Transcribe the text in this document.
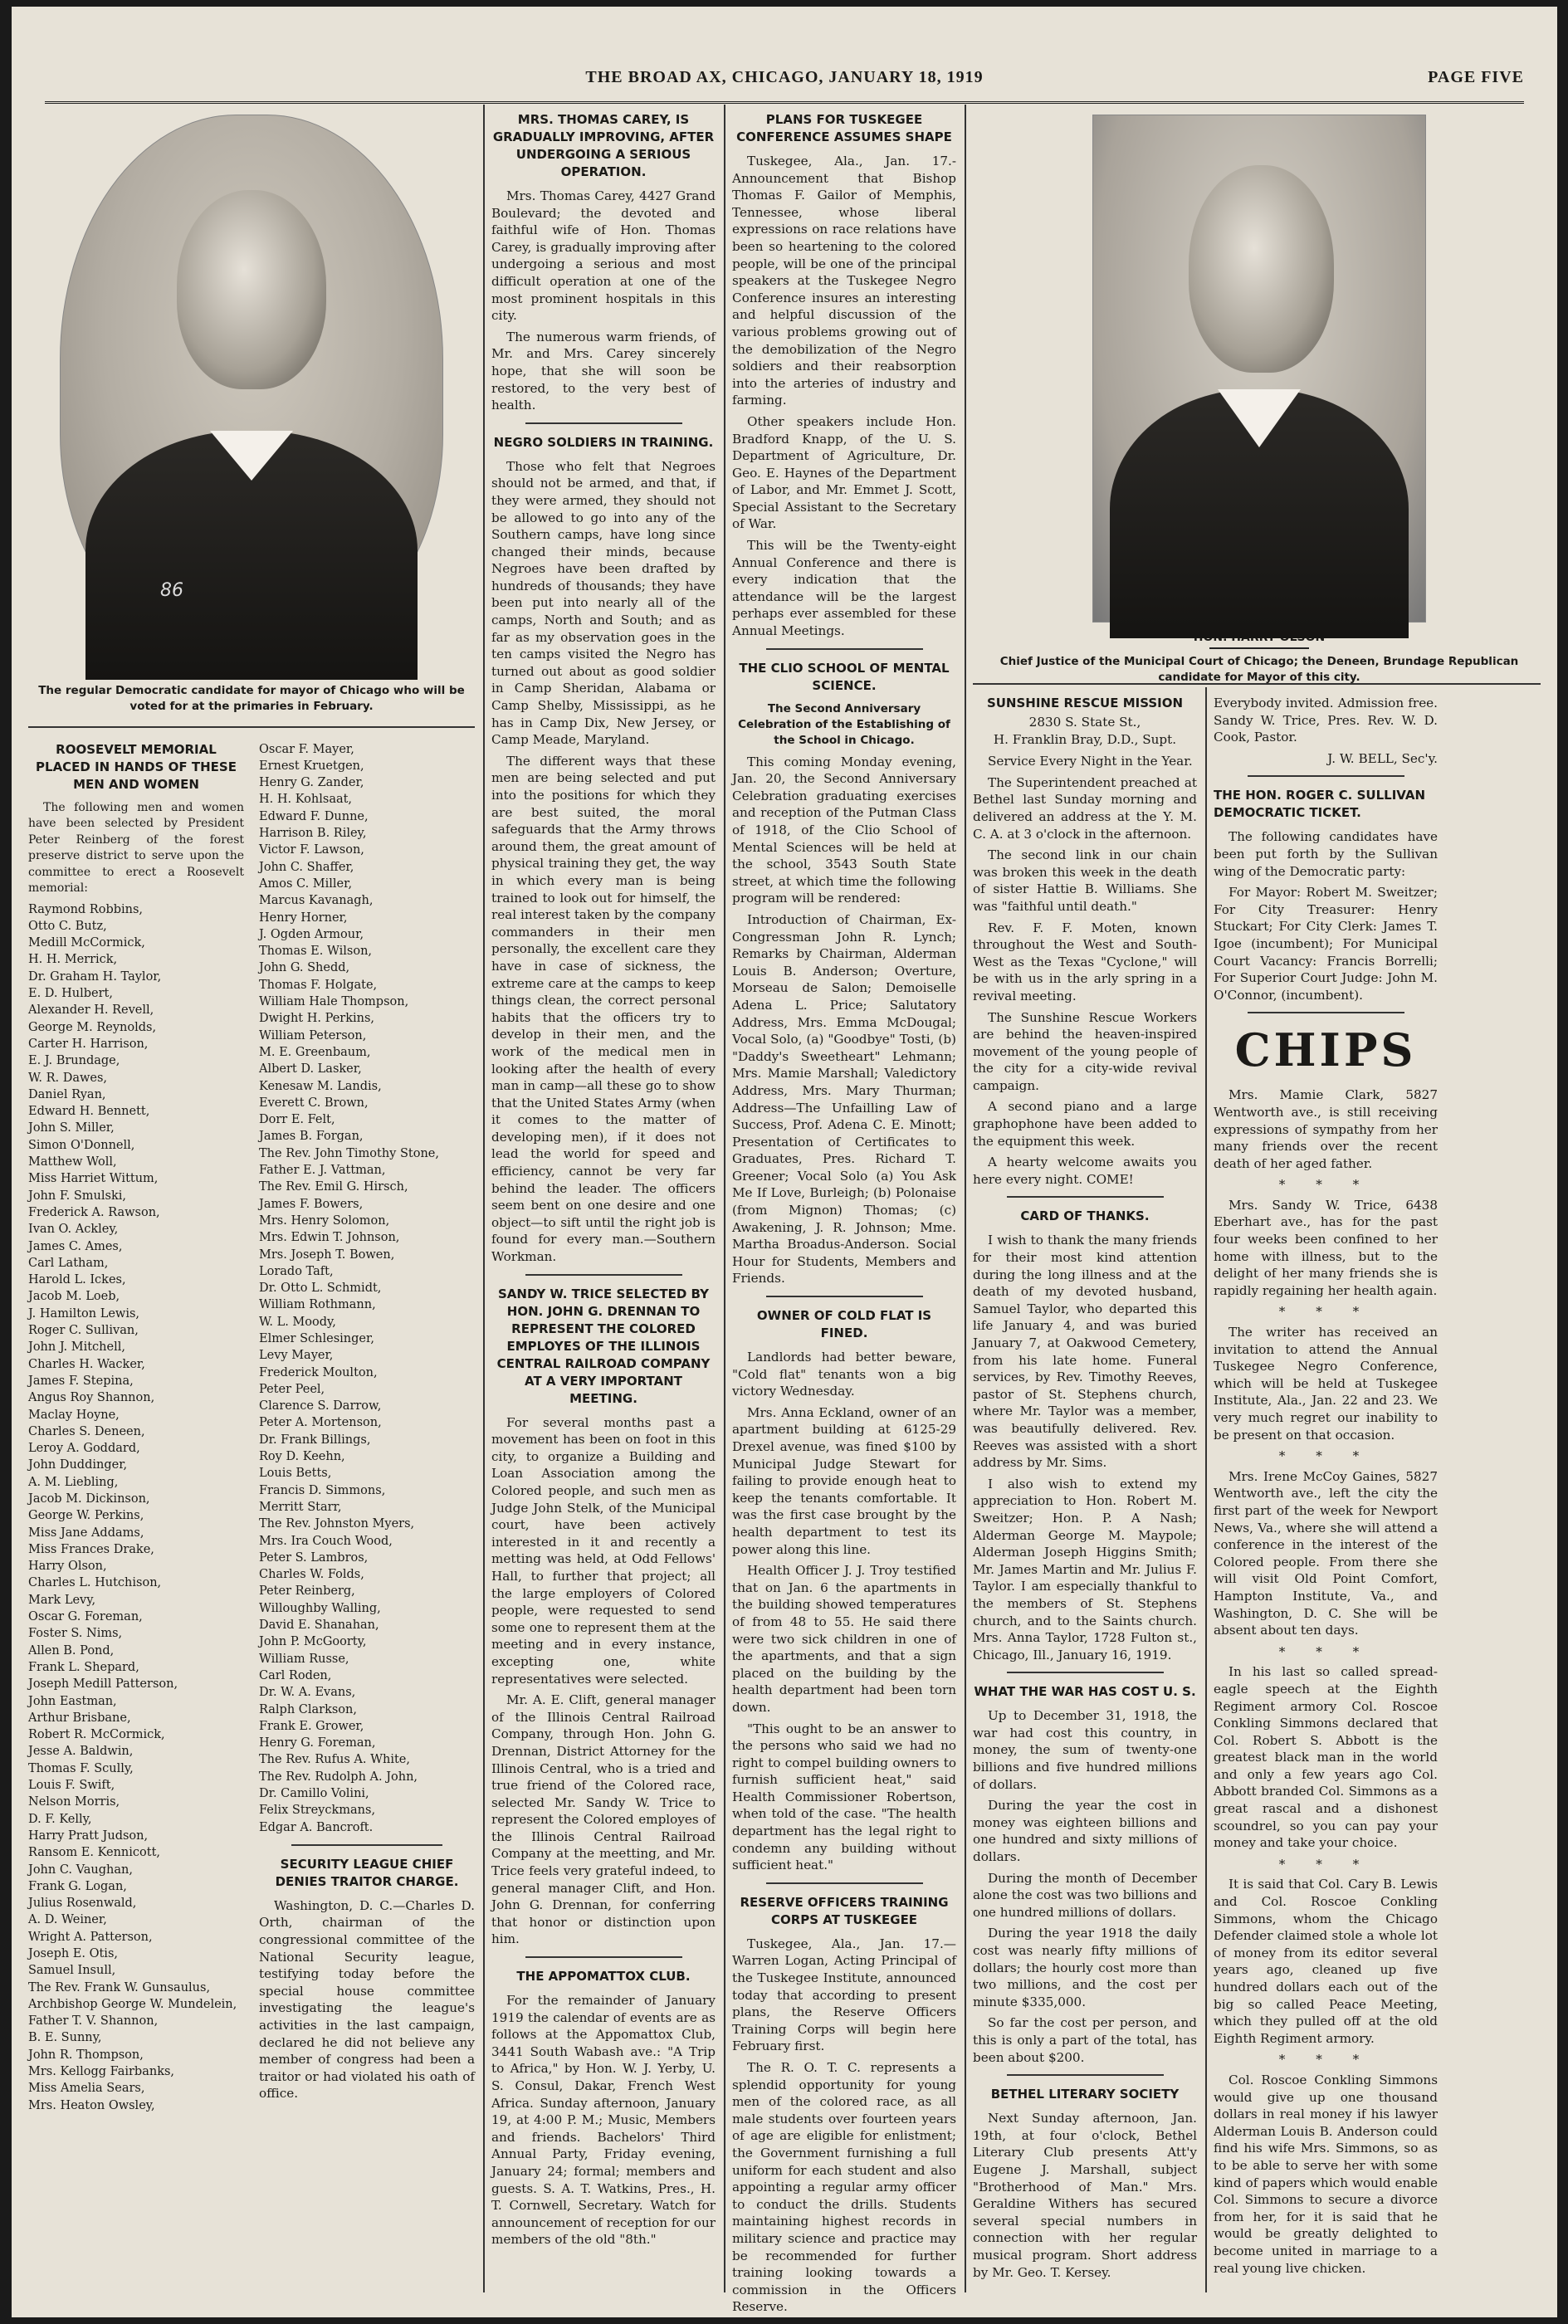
THE BROAD AX, CHICAGO, JANUARY 18, 1919	PAGE FIVE
86
The regular Democratic candidate for mayor of Chicago who will be voted for at the primaries in February.
ROOSEVELT MEMORIAL PLACED IN HANDS OF THESE MEN AND WOMEN

The following men and women have been selected by President Peter Reinberg of the forest preserve district to serve upon the committee to erect a Roosevelt memorial:

Raymond Robbins,
Otto C. Butz,
Medill McCormick,
H. H. Merrick,
Dr. Graham H. Taylor,
E. D. Hulbert,
Alexander H. Revell,
George M. Reynolds,
Carter H. Harrison,
E. J. Brundage,
W. R. Dawes,
Daniel Ryan,
Edward H. Bennett,
John S. Miller,
Simon O'Donnell,
Matthew Woll,
Miss Harriet Wittum,
John F. Smulski,
Frederick A. Rawson,
Ivan O. Ackley,
James C. Ames,
Carl Latham,
Harold L. Ickes,
Jacob M. Loeb,
J. Hamilton Lewis,
Roger C. Sullivan,
John J. Mitchell,
Charles H. Wacker,
James F. Stepina,
Angus Roy Shannon,
Maclay Hoyne,
Charles S. Deneen,
Leroy A. Goddard,
John Duddinger,
A. M. Liebling,
Jacob M. Dickinson,
George W. Perkins,
Miss Jane Addams,
Miss Frances Drake,
Harry Olson,
Charles L. Hutchison,
Mark Levy,
Oscar G. Foreman,
Foster S. Nims,
Allen B. Pond,
Frank L. Shepard,
Joseph Medill Patterson,
John Eastman,
Arthur Brisbane,
Robert R. McCormick,
Jesse A. Baldwin,
Thomas F. Scully,
Louis F. Swift,
Nelson Morris,
D. F. Kelly,
Harry Pratt Judson,
Ransom E. Kennicott,
John C. Vaughan,
Frank G. Logan,
Julius Rosenwald,
A. D. Weiner,
Wright A. Patterson,
Joseph E. Otis,
Samuel Insull,
The Rev. Frank W. Gunsaulus,
Archbishop George W. Mundelein,
Father T. V. Shannon,
B. E. Sunny,
John R. Thompson,
Mrs. Kellogg Fairbanks,
Miss Amelia Sears,
Mrs. Heaton Owsley,
Oscar F. Mayer,
Ernest Kruetgen,
Henry G. Zander,
H. H. Kohlsaat,
Edward F. Dunne,
Harrison B. Riley,
Victor F. Lawson,
John C. Shaffer,
Amos C. Miller,
Marcus Kavanagh,
Henry Horner,
J. Ogden Armour,
Thomas E. Wilson,
John G. Shedd,
Thomas F. Holgate,
William Hale Thompson,
Dwight H. Perkins,
William Peterson,
M. E. Greenbaum,
Albert D. Lasker,
Kenesaw M. Landis,
Everett C. Brown,
Dorr E. Felt,
James B. Forgan,
The Rev. John Timothy Stone,
Father E. J. Vattman,
The Rev. Emil G. Hirsch,
James F. Bowers,
Mrs. Henry Solomon,
Mrs. Edwin T. Johnson,
Mrs. Joseph T. Bowen,
Lorado Taft,
Dr. Otto L. Schmidt,
William Rothmann,
W. L. Moody,
Elmer Schlesinger,
Levy Mayer,
Frederick Moulton,
Peter Peel,
Clarence S. Darrow,
Peter A. Mortenson,
Dr. Frank Billings,
Roy D. Keehn,
Louis Betts,
Francis D. Simmons,
Merritt Starr,
The Rev. Johnston Myers,
Mrs. Ira Couch Wood,
Peter S. Lambros,
Charles W. Folds,
Peter Reinberg,
Willoughby Walling,
David E. Shanahan,
John P. McGoorty,
William Russe,
Carl Roden,
Dr. W. A. Evans,
Ralph Clarkson,
Frank E. Grower,
Henry G. Foreman,
The Rev. Rufus A. White,
The Rev. Rudolph A. John,
Dr. Camillo Volini,
Felix Streyckmans,
Edgar A. Bancroft.
SECURITY LEAGUE CHIEF DENIES TRAITOR CHARGE.

Washington, D. C.—Charles D. Orth, chairman of the congressional committee of the National Security league, testifying today before the special house committee investigating the league's activities in the last campaign, declared he did not believe any member of congress had been a traitor or had violated his oath of office.

MRS. THOMAS CAREY, IS GRADUALLY IMPROVING, AFTER UNDERGOING A SERIOUS OPERATION.

Mrs. Thomas Carey, 4427 Grand Boulevard; the devoted and faithful wife of Hon. Thomas Carey, is gradually improving after undergoing a serious and most difficult operation at one of the most prominent hospitals in this city.

The numerous warm friends, of Mr. and Mrs. Carey sincerely hope, that she will soon be restored, to the very best of health.

NEGRO SOLDIERS IN TRAINING.

Those who felt that Negroes should not be armed, and that, if they were armed, they should not be allowed to go into any of the Southern camps, have long since changed their minds, because Negroes have been drafted by hundreds of thousands; they have been put into nearly all of the camps, North and South; and as far as my observation goes in the ten camps visited the Negro has turned out about as good soldier in Camp Sheridan, Alabama or Camp Shelby, Mississippi, as he has in Camp Dix, New Jersey, or Camp Meade, Maryland.

The different ways that these men are being selected and put into the positions for which they are best suited, the moral safeguards that the Army throws around them, the great amount of physical training they get, the way in which every man is being trained to look out for himself, the real interest taken by the company commanders in their men personally, the excellent care they have in case of sickness, the extreme care at the camps to keep things clean, the correct personal habits that the officers try to develop in their men, and the work of the medical men in looking after the health of every man in camp—all these go to show that the United States Army (when it comes to the matter of developing men), if it does not lead the world for speed and efficiency, cannot be very far behind the leader. The officers seem bent on one desire and one object—to sift until the right job is found for every man.—Southern Workman.

SANDY W. TRICE SELECTED BY HON. JOHN G. DRENNAN TO REPRESENT THE COLORED EMPLOYES OF THE ILLINOIS CENTRAL RAILROAD COMPANY AT A VERY IMPORTANT MEETING.

For several months past a movement has been on foot in this city, to organize a Building and Loan Association among the Colored people, and such men as Judge John Stelk, of the Municipal court, have been actively interested in it and recently a metting was held, at Odd Fellows' Hall, to further that project; all the large employers of Colored people, were requested to send some one to represent them at the meeting and in every instance, excepting one, white representatives were selected.

Mr. A. E. Clift, general manager of the Illinois Central Railroad Company, through Hon. John G. Drennan, District Attorney for the Illinois Central, who is a tried and true friend of the Colored race, selected Mr. Sandy W. Trice to represent the Colored employes of the Illinois Central Railroad Company at the meetting, and Mr. Trice feels very grateful indeed, to general manager Clift, and Hon. John G. Drennan, for conferring that honor or distinction upon him.

THE APPOMATTOX CLUB.

For the remainder of January 1919 the calendar of events are as follows at the Appomattox Club, 3441 South Wabash ave.: "A Trip to Africa," by Hon. W. J. Yerby, U. S. Consul, Dakar, French West Africa. Sunday afternoon, January 19, at 4:00 P. M.; Music, Members and friends. Bachelors' Third Annual Party, Friday evening, January 24; formal; members and guests. S. A. T. Watkins, Pres., H. T. Cornwell, Secretary. Watch for announcement of reception for our members of the old "8th."

PLANS FOR TUSKEGEE CONFERENCE ASSUMES SHAPE

Tuskegee, Ala., Jan. 17.-Announcement that Bishop Thomas F. Gailor of Memphis, Tennessee, whose liberal expressions on race relations have been so heartening to the colored people, will be one of the principal speakers at the Tuskegee Negro Conference insures an interesting and helpful discussion of the various problems growing out of the demobilization of the Negro soldiers and their reabsorption into the arteries of industry and farming.

Other speakers include Hon. Bradford Knapp, of the U. S. Department of Agriculture, Dr. Geo. E. Haynes of the Department of Labor, and Mr. Emmet J. Scott, Special Assistant to the Secretary of War.

This will be the Twenty-eight Annual Conference and there is every indication that the attendance will be the largest perhaps ever assembled for these Annual Meetings.

THE CLIO SCHOOL OF MENTAL SCIENCE.
The Second Anniversary Celebration of the Establishing of the School in Chicago.

This coming Monday evening, Jan. 20, the Second Anniversary Celebration graduating exercises and reception of the Putman Class of 1918, of the Clio School of Mental Sciences will be held at the school, 3543 South State street, at which time the following program will be rendered:

Introduction of Chairman, Ex-Congressman John R. Lynch; Remarks by Chairman, Alderman Louis B. Anderson; Overture, Morseau de Salon; Demoiselle Adena L. Price; Salutatory Address, Mrs. Emma McDougal; Vocal Solo, (a) "Goodbye" Tosti, (b) "Daddy's Sweetheart" Lehmann; Mrs. Mamie Marshall; Valedictory Address, Mrs. Mary Thurman; Address—The Unfailling Law of Success, Prof. Adena C. E. Minott; Presentation of Certificates to Graduates, Pres. Richard T. Greener; Vocal Solo (a) You Ask Me If Love, Burleigh; (b) Polonaise (from Mignon) Thomas; (c) Awakening, J. R. Johnson; Mme. Martha Broadus-Anderson. Social Hour for Students, Members and Friends.

OWNER OF COLD FLAT IS FINED.

Landlords had better beware, "Cold flat" tenants won a big victory Wednesday.

Mrs. Anna Eckland, owner of an apartment building at 6125-29 Drexel avenue, was fined $100 by Municipal Judge Stewart for failing to provide enough heat to keep the tenants comfortable. It was the first case brought by the health department to test its power along this line.

Health Officer J. J. Troy testified that on Jan. 6 the apartments in the building showed temperatures of from 48 to 55. He said there were two sick children in one of the apartments, and that a sign placed on the building by the health department had been torn down.

"This ought to be an answer to the persons who said we had no right to compel building owners to furnish sufficient heat," said Health Commissioner Robertson, when told of the case. "The health department has the legal right to condemn any building without sufficient heat."

RESERVE OFFICERS TRAINING CORPS AT TUSKEGEE

Tuskegee, Ala., Jan. 17.—Warren Logan, Acting Principal of the Tuskegee Institute, announced today that according to present plans, the Reserve Officers Training Corps will begin here February first.

The R. O. T. C. represents a splendid opportunity for young men of the colored race, as all male students over fourteen years of age are eligible for enlistment; the Government furnishing a full uniform for each student and also appointing a regular army officer to conduct the drills. Students maintaining highest records in military science and practice may be recommended for further training looking towards a commission in the Officers Reserve.

Chief Justice of the Municipal Court of Chicago; the Deneen, Brundage Republican candidate for Mayor of this city.
SUNSHINE RESCUE MISSION
2830 S. State St.,
H. Franklin Bray, D.D., Supt.

Service Every Night in the Year.

The Superintendent preached at Bethel last Sunday morning and delivered an address at the Y. M. C. A. at 3 o'clock in the afternoon.

The second link in our chain was broken this week in the death of sister Hattie B. Williams. She was "faithful until death."

Rev. F. F. Moten, known throughout the West and South-West as the Texas "Cyclone," will be with us in the arly spring in a revival meeting.

The Sunshine Rescue Workers are behind the heaven-inspired movement of the young people of the city for a city-wide revival campaign.

A second piano and a large graphophone have been added to the equipment this week.

A hearty welcome awaits you here every night. COME!

CARD OF THANKS.

I wish to thank the many friends for their most kind attention during the long illness and at the death of my devoted husband, Samuel Taylor, who departed this life January 4, and was buried January 7, at Oakwood Cemetery, from his late home. Funeral services, by Rev. Timothy Reeves, pastor of St. Stephens church, where Mr. Taylor was a member, was beautifully delivered. Rev. Reeves was assisted with a short address by Mr. Sims.

I also wish to extend my appreciation to Hon. Robert M. Sweitzer; Hon. P. A Nash; Alderman George M. Maypole; Alderman Joseph Higgins Smith; Mr. James Martin and Mr. Julius F. Taylor. I am especially thankful to the members of St. Stephens church, and to the Saints church. Mrs. Anna Taylor, 1728 Fulton st., Chicago, Ill., January 16, 1919.

WHAT THE WAR HAS COST U. S.

Up to December 31, 1918, the war had cost this country, in money, the sum of twenty-one billions and five hundred millions of dollars.

During the year the cost in money was eighteen billions and one hundred and sixty millions of dollars.

During the month of December alone the cost was two billions and one hundred millions of dollars.

During the year 1918 the daily cost was nearly fifty millions of dollars; the hourly cost more than two millions, and the cost per minute $335,000.

So far the cost per person, and this is only a part of the total, has been about $200.

BETHEL LITERARY SOCIETY

Next Sunday afternoon, Jan. 19th, at four o'clock, Bethel Literary Club presents Att'y Eugene J. Marshall, subject "Brotherhood of Man." Mrs. Geraldine Withers has secured several special numbers in connection with her regular musical program. Short address by Mr. Geo. T. Kersey.

Everybody invited. Admission free. Sandy W. Trice, Pres. Rev. W. D. Cook, Pastor.

J. W. BELL, Sec'y.
THE HON. ROGER C. SULLIVAN DEMOCRATIC TICKET.

The following candidates have been put forth by the Sullivan wing of the Democratic party:

For Mayor: Robert M. Sweitzer; For City Treasurer: Henry Stuckart; For City Clerk: James T. Igoe (incumbent); For Municipal Court Vacancy: Francis Borrelli; For Superior Court Judge: John M. O'Connor, (incumbent).

CHIPS

Mrs. Mamie Clark, 5827 Wentworth ave., is still receiving expressions of sympathy from her many friends over the recent death of her aged father.

* * *

Mrs. Sandy W. Trice, 6438 Eberhart ave., has for the past four weeks been confined to her home with illness, but to the delight of her many friends she is rapidly regaining her health again.

* * *

The writer has received an invitation to attend the Annual Tuskegee Negro Conference, which will be held at Tuskegee Institute, Ala., Jan. 22 and 23. We very much regret our inability to be present on that occasion.

* * *

Mrs. Irene McCoy Gaines, 5827 Wentworth ave., left the city the first part of the week for Newport News, Va., where she will attend a conference in the interest of the Colored people. From there she will visit Old Point Comfort, Hampton Institute, Va., and Washington, D. C. She will be absent about ten days.

* * *

In his last so called spread-eagle speech at the Eighth Regiment armory Col. Roscoe Conkling Simmons declared that Col. Robert S. Abbott is the greatest black man in the world and only a few years ago Col. Abbott branded Col. Simmons as a great rascal and a dishonest scoundrel, so you can pay your money and take your choice.

* * *

It is said that Col. Cary B. Lewis and Col. Roscoe Conkling Simmons, whom the Chicago Defender claimed stole a whole lot of money from its editor several years ago, cleaned up five hundred dollars each out of the big so called Peace Meeting, which they pulled off at the old Eighth Regiment armory.

* * *

Col. Roscoe Conkling Simmons would give up one thousand dollars in real money if his lawyer Alderman Louis B. Anderson could find his wife Mrs. Simmons, so as to be able to serve her with some kind of papers which would enable Col. Simmons to secure a divorce from her, for it is said that he would be greatly delighted to become united in marriage to a real young live chicken.
